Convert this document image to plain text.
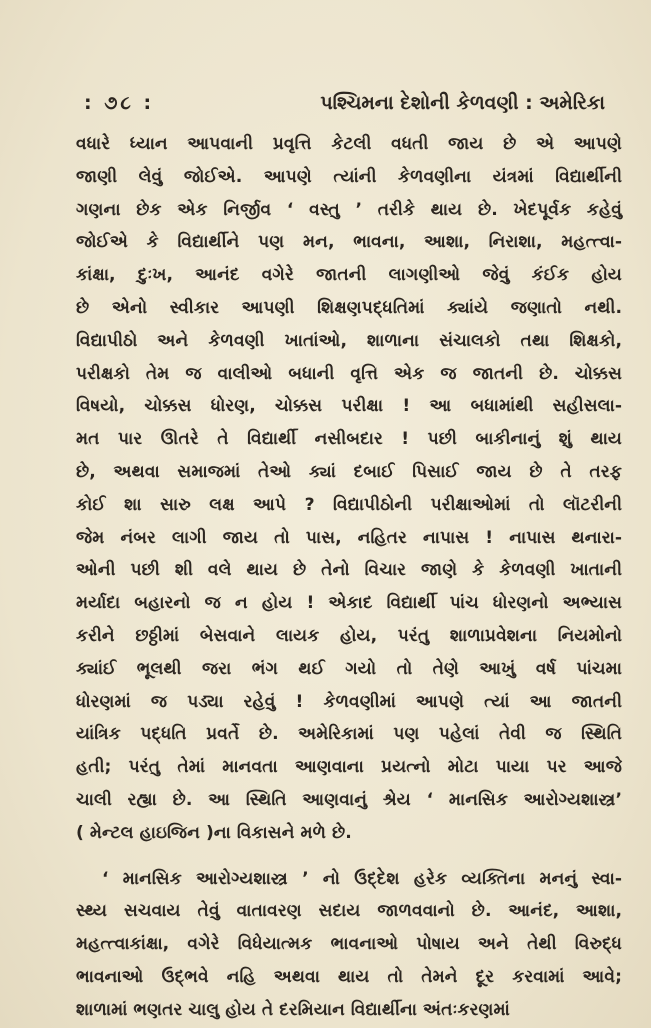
: ૭૮ :	પશ્ચિમના દેશોની કેળવણી : અમેરિકા
વધારે ધ્યાન આપવાની પ્રવૃત્તિ કેટલી વધતી જાય છે એ આપણે
જાણી લેવું જોઈએ. આપણે ત્યાંની કેળવણીના યંત્રમાં વિદ્યાર્થીની
ગણના છેક એક નિર્જીવ ‘ વસ્તુ ’ તરીકે થાય છે. ખેદપૂર્વક કહેવું
જોઈએ કે વિદ્યાર્થીને પણ મન, ભાવના, આશા, નિરાશા, મહત્ત્વા-
કાંક્ષા, દુઃખ, આનંદ વગેરે જાતની લાગણીઓ જેવું કંઈક હોય
છે એનો સ્વીકાર આપણી શિક્ષણપદ્ધતિમાં ક્યાંયે જણાતો નથી.
વિદ્યાપીઠો અને કેળવણી ખાતાંઓ, શાળાના સંચાલકો તથા શિક્ષકો,
પરીક્ષકો તેમ જ વાલીઓ બધાની વૃત્તિ એક જ જાતની છે. ચોક્કસ
વિષયો, ચોક્કસ ધોરણ, ચોક્કસ પરીક્ષા ! આ બધામાંથી સહીસલા-
મત પાર ઊતરે તે વિદ્યાર્થી નસીબદાર ! પછી બાકીનાનું શું થાય
છે, અથવા સમાજમાં તેઓ ક્યાં દબાઈ પિસાઈ જાય છે તે તરફ
કોઈ શા સારુ લક્ષ આપે ? વિદ્યાપીઠોની પરીક્ષાઓમાં તો લૉટરીની
જેમ નંબર લાગી જાય તો પાસ, નહિતર નાપાસ ! નાપાસ થનારા-
ઓની પછી શી વલે થાય છે તેનો વિચાર જાણે કે કેળવણી ખાતાની
મર્યાદા બહારનો જ ન હોય ! એકાદ વિદ્યાર્થી પાંચ ધોરણનો અભ્યાસ
કરીને છઠ્ઠીમાં બેસવાને લાયક હોય, પરંતુ શાળાપ્રવેશના નિયમોનો
ક્યાંઈ ભૂલથી જરા ભંગ થઈ ગયો તો તેણે આખું વર્ષ પાંચમા
ધોરણમાં જ પડ્યા રહેવું ! કેળવણીમાં આપણે ત્યાં આ જાતની
યાંત્રિક પદ્ધતિ પ્રવર્તે છે. અમેરિકામાં પણ પહેલાં તેવી જ સ્થિતિ
હતી; પરંતુ તેમાં માનવતા આણવાના પ્રયત્નો મોટા પાયા પર આજે
ચાલી રહ્યા છે. આ સ્થિતિ આણવાનું શ્રેય ‘ માનસિક આરોગ્યશાસ્ત્ર’
( મેન્ટલ હાઇજિન )ના વિકાસને મળે છે.
‘ માનસિક આરોગ્યશાસ્ત્ર ’ નો ઉદ્દેશ હરેક વ્યક્તિના મનનું સ્વા-
સ્થ્ય સચવાય તેવું વાતાવરણ સદાય જાળવવાનો છે. આનંદ, આશા,
મહત્ત્વાકાંક્ષા, વગેરે વિધેયાત્મક ભાવનાઓ પોષાય અને તેથી વિરુદ્ધ
ભાવનાઓ ઉદ્ભવે નહિ અથવા થાય તો તેમને દૂર કરવામાં આવે;
શાળામાં ભણતર ચાલુ હોય તે દરમિયાન વિદ્યાર્થીના અંતઃકરણમાં
